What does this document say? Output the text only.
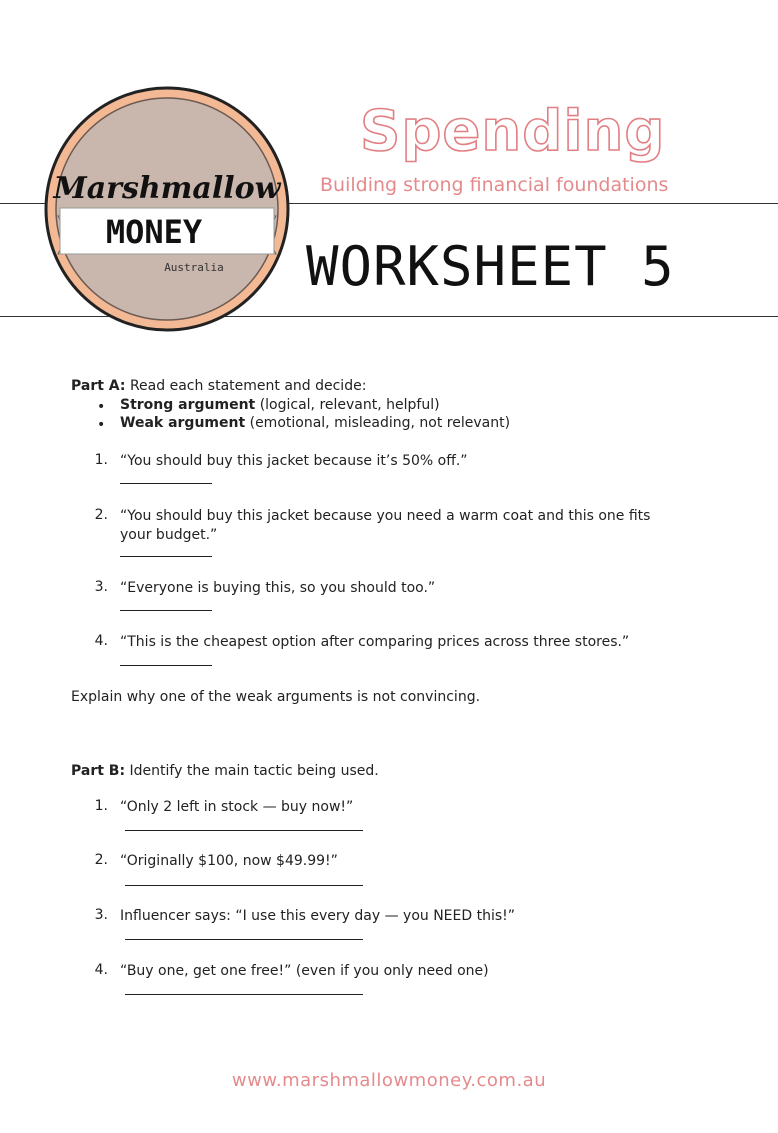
Marshmallow
MONEY
Australia
Spending
Building strong financial foundations
WORKSHEET 5
Part A: Read each statement and decide:
• Strong argument (logical, relevant, helpful)
• Weak argument (emotional, misleading, not relevant)
1. “You should buy this jacket because it’s 50% off.”
2. “You should buy this jacket because you need a warm coat and this one fits your budget.”
3. “Everyone is buying this, so you should too.”
4. “This is the cheapest option after comparing prices across three stores.”
Explain why one of the weak arguments is not convincing.
Part B: Identify the main tactic being used.
1. “Only 2 left in stock — buy now!”
2. “Originally $100, now $49.99!”
3. Influencer says: “I use this every day — you NEED this!”
4. “Buy one, get one free!” (even if you only need one)
www.marshmallowmoney.com.au
